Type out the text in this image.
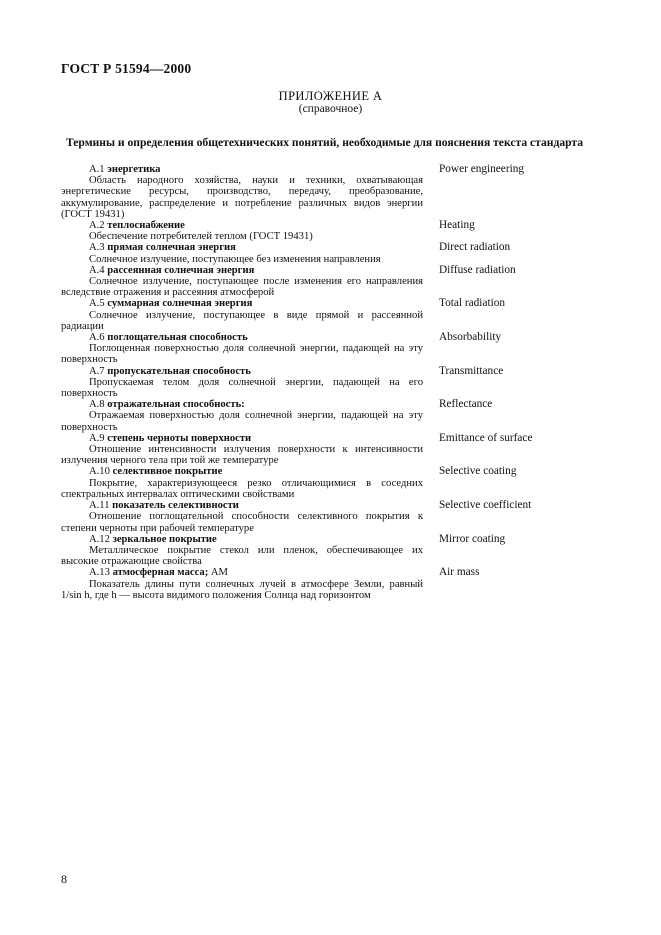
ГОСТ Р 51594—2000
ПРИЛОЖЕНИЕ А
(справочное)
Термины и определения общетехнических понятий, необходимые для пояснения текста стандарта
А.1 энергетика
Область народного хозяйства, науки и техники, охватывающая энергетические ресурсы, производство, передачу, преобразование, аккумулирование, распределение и потребление различных видов энергии (ГОСТ 19431)
Power engineering
А.2 теплоснабжение
Обеспечение потребителей теплом (ГОСТ 19431)
Heating
А.3 прямая солнечная энергия
Солнечное излучение, поступающее без изменения направления
Direct radiation
А.4 рассеянная солнечная энергия
Солнечное излучение, поступающее после изменения его направления вследствие отражения и рассеяния атмосферой
Diffuse radiation
А.5 суммарная солнечная энергия
Солнечное излучение, поступающее в виде прямой и рассеянной радиации
Total radiation
А.6 поглощательная способность
Поглощенная поверхностью доля солнечной энергии, падающей на эту поверхность
Absorbability
А.7 пропускательная способность
Пропускаемая телом доля солнечной энергии, падающей на его поверхность
Transmittance
А.8 отражательная способность:
Отражаемая поверхностью доля солнечной энергии, падающей на эту поверхность
Reflectance
А.9 степень черноты поверхности
Отношение интенсивности излучения поверхности к интенсивности излучения черного тела при той же температуре
Emittance of surface
А.10 селективное покрытие
Покрытие, характеризующееся резко отличающимися в соседних спектральных интервалах оптическими свойствами
Selective coating
А.11 показатель селективности
Отношение поглощательной способности селективного покрытия к степени черноты при рабочей температуре
Selective coefficient
А.12 зеркальное покрытие
Металлическое покрытие стекол или пленок, обеспечивающее их высокие отражающие свойства
Mirror coating
А.13 атмосферная масса; AM
Показатель длины пути солнечных лучей в атмосфере Земли, равный 1/sin h, где h — высота видимого положения Солнца над горизонтом
Air mass
8
